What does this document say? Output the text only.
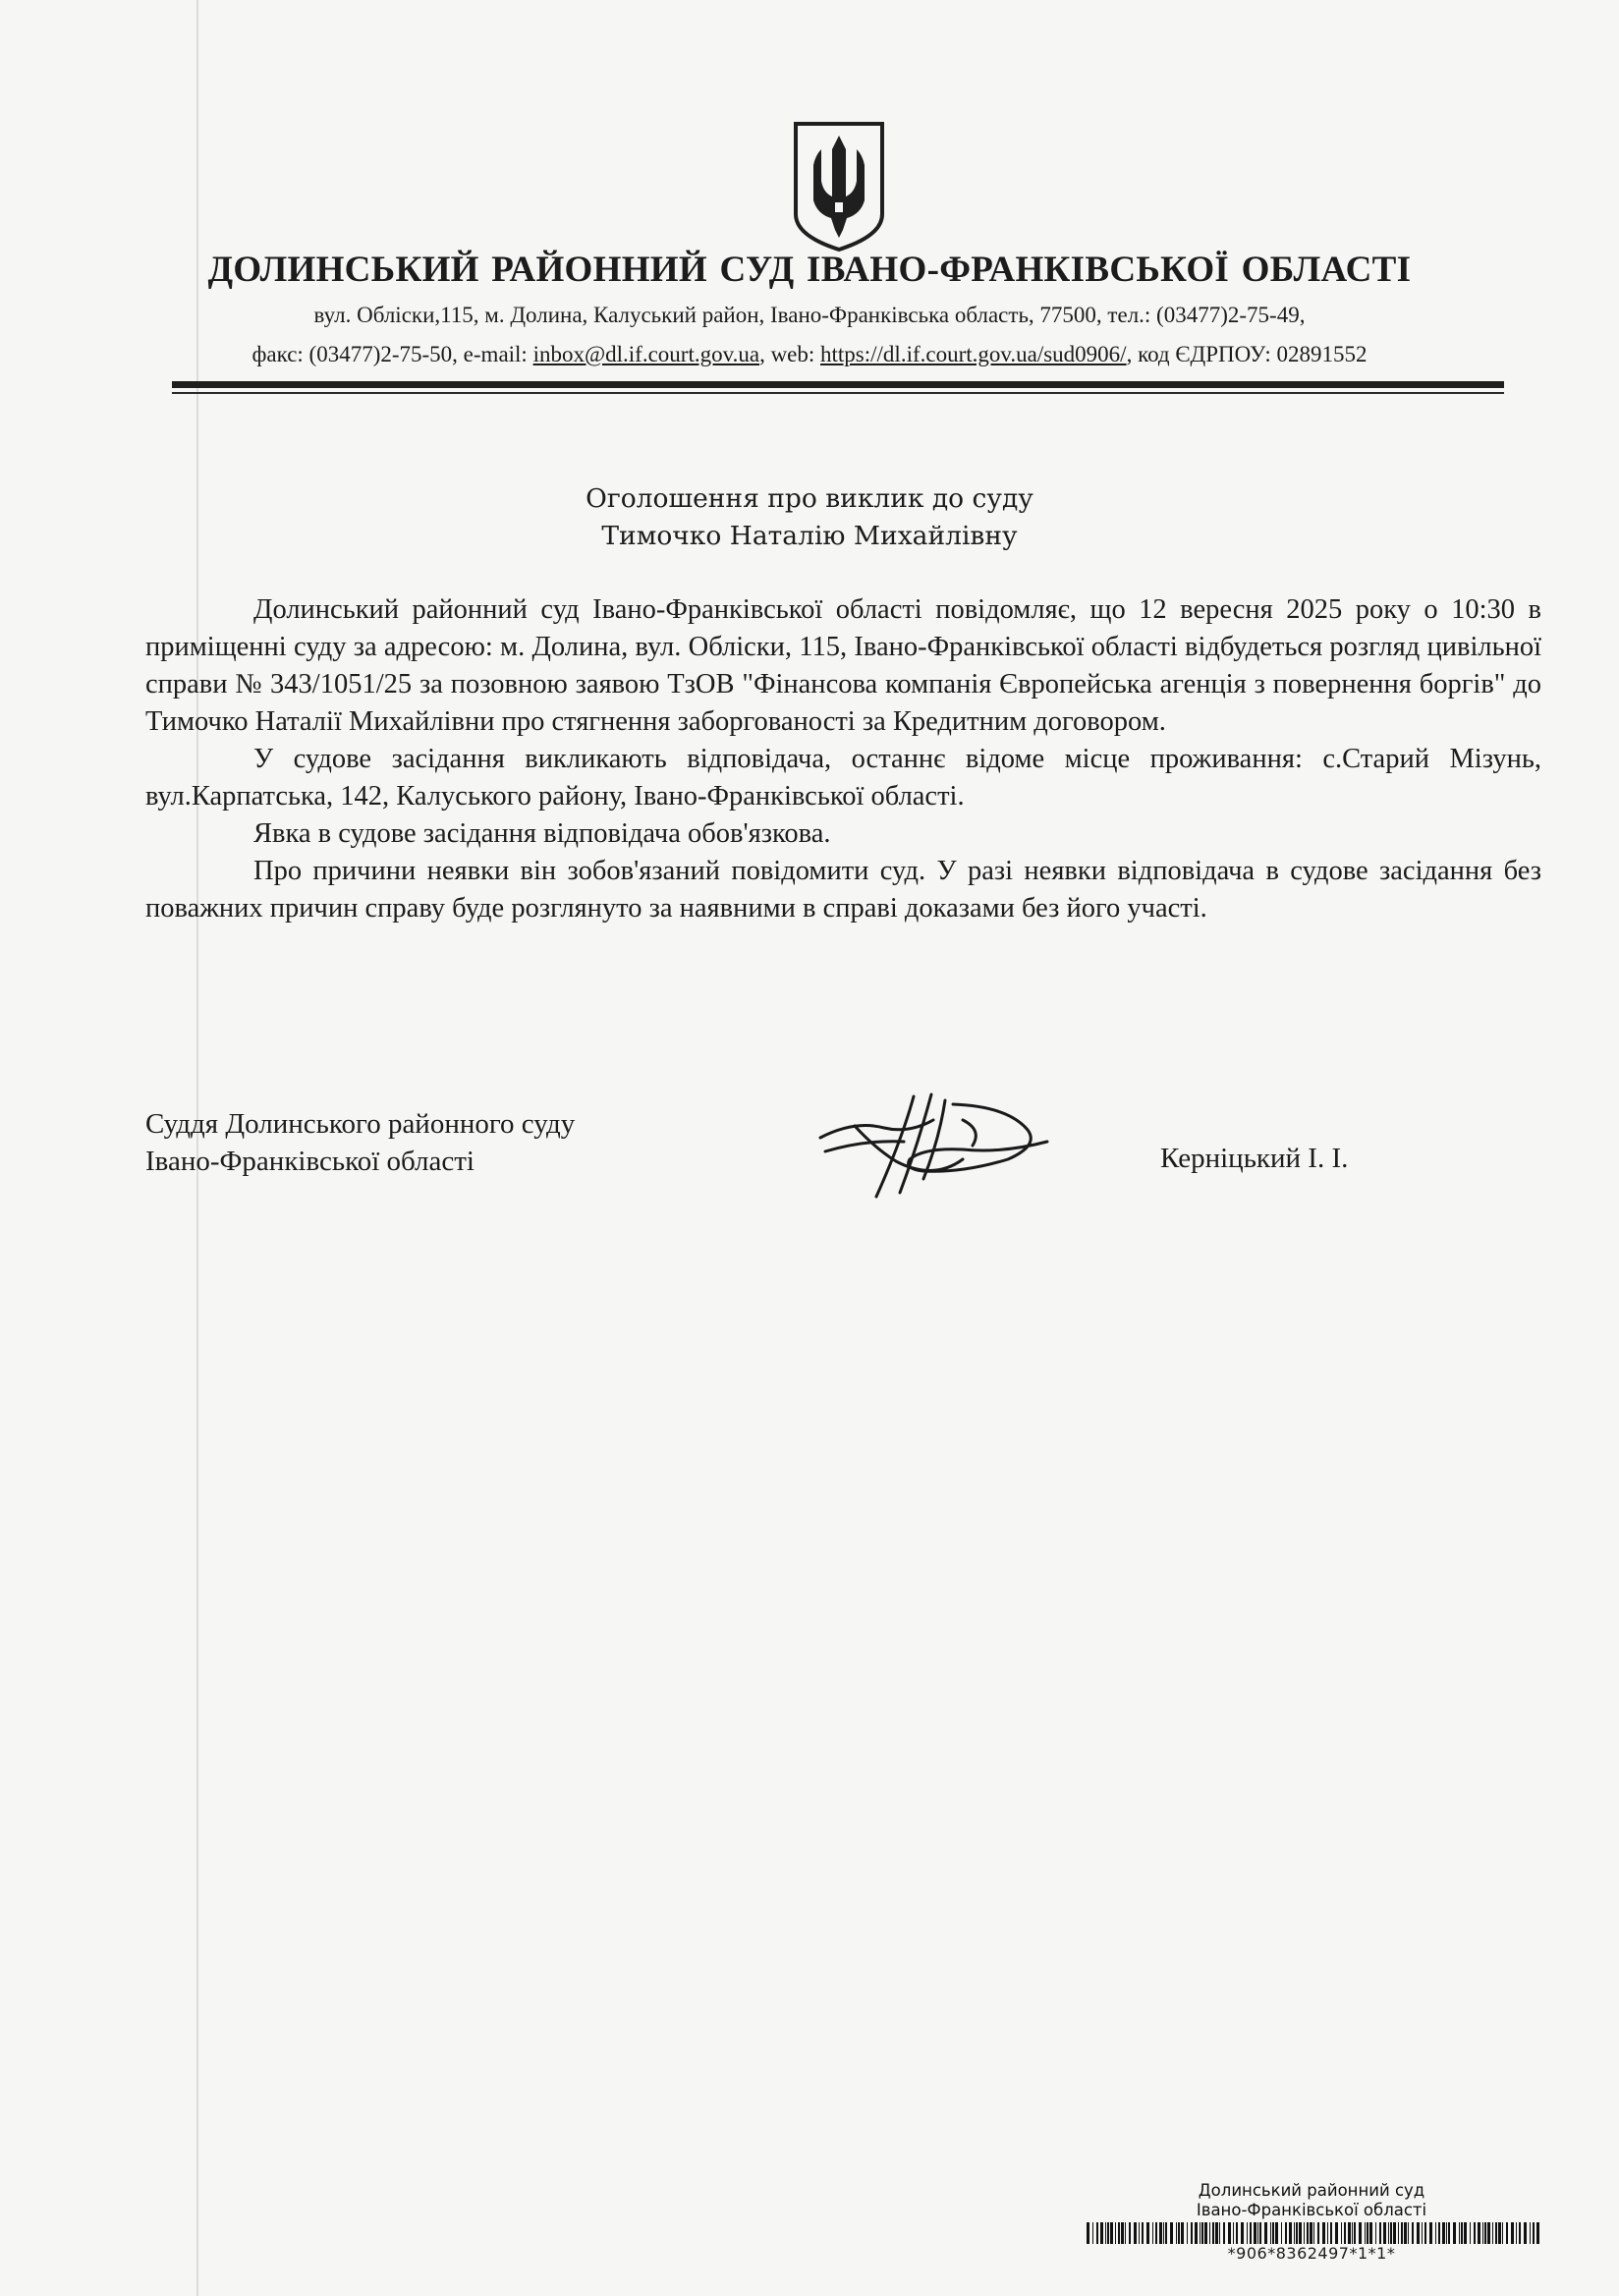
ДОЛИНСЬКИЙ РАЙОННИЙ СУД ІВАНО-ФРАНКІВСЬКОЇ ОБЛАСТІ
вул. Обліски,115, м. Долина, Калуський район, Івано-Франківська область, 77500, тел.: (03477)2-75-49,
факс: (03477)2-75-50, e-mail: inbox@dl.if.court.gov.ua, web: https://dl.if.court.gov.ua/sud0906/, код ЄДРПОУ: 02891552
Оголошення про виклик до суду
Тимочко Наталію Михайлівну

Долинський районний суд Івано-Франківської області повідомляє, що 12 вересня 2025 року о 10:30 в приміщенні суду за адресою: м. Долина, вул. Обліски, 115, Івано-Франківської області відбудеться розгляд цивільної справи № 343/1051/25 за позовною заявою ТзОВ "Фінансова компанія Європейська агенція з повернення боргів" до Тимочко Наталії Михайлівни про стягнення заборгованості за Кредитним договором.

У судове засідання викликають відповідача, останнє відоме місце проживання: с.Старий Мізунь, вул.Карпатська, 142, Калуського району, Івано-Франківської області.

Явка в судове засідання відповідача обов'язкова.

Про причини неявки він зобов'язаний повідомити суд. У разі неявки відповідача в судове засідання без поважних причин справу буде розглянуто за наявними в справі доказами без його участі.

Суддя Долинського районного суду
Івано-Франківської області	Керніцький І. І.
Долинський районний суд
Івано-Франківської області
*906*8362497*1*1*
